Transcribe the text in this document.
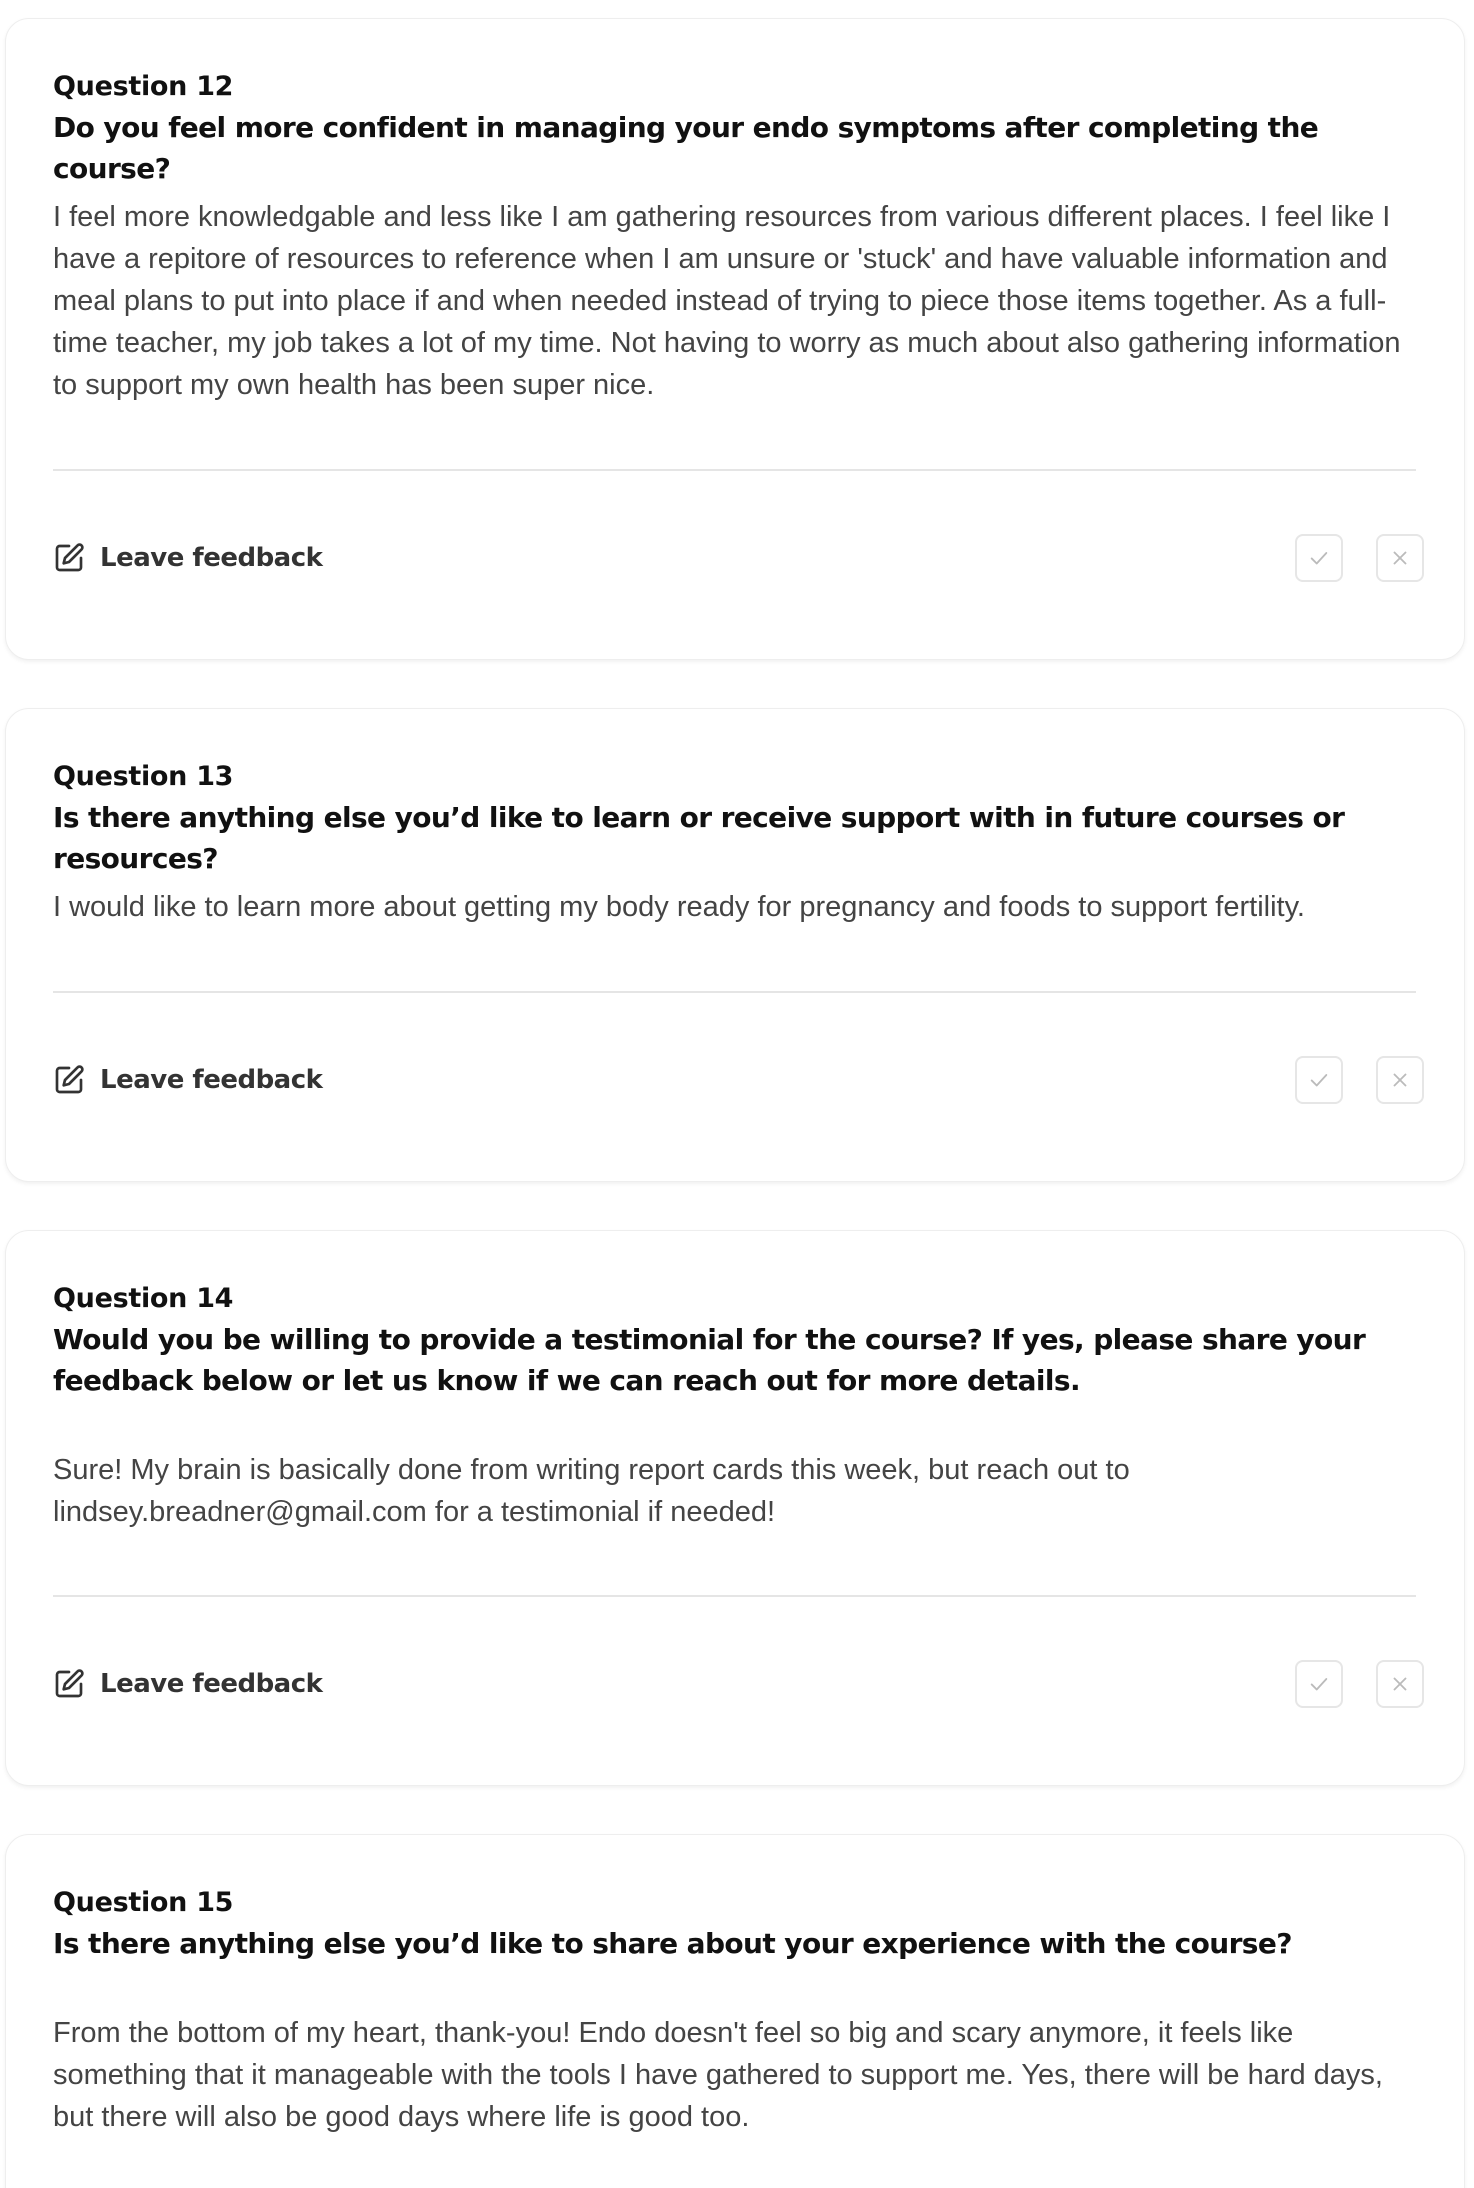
Question 12
Do you feel more confident in managing your endo symptoms after completing the course?
I feel more knowledgable and less like I am gathering resources from various different places. I feel like I have a repitore of resources to reference when I am unsure or 'stuck' and have valuable information and meal plans to put into place if and when needed instead of trying to piece those items together. As a full-time teacher, my job takes a lot of my time. Not having to worry as much about also gathering information to support my own health has been super nice.
Leave feedback
Question 13
Is there anything else you’d like to learn or receive support with in future courses or resources?
I would like to learn more about getting my body ready for pregnancy and foods to support fertility.
Leave feedback
Question 14
Would you be willing to provide a testimonial for the course? If yes, please share your feedback below or let us know if we can reach out for more details.
Sure! My brain is basically done from writing report cards this week, but reach out to lindsey.breadner@gmail.com for a testimonial if needed!
Leave feedback
Question 15
Is there anything else you’d like to share about your experience with the course?
From the bottom of my heart, thank-you! Endo doesn't feel so big and scary anymore, it feels like something that it manageable with the tools I have gathered to support me. Yes, there will be hard days, but there will also be good days where life is good too.
